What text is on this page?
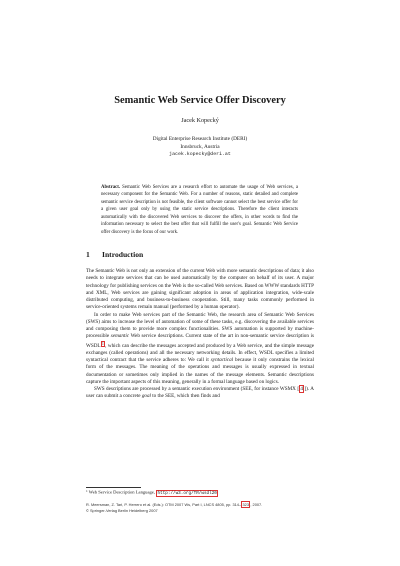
Semantic Web Service Offer Discovery
Jacek Kopecký
Digital Enterprise Research Institute (DERI)
Innsbruck, Austria
jacek.kopecky@deri.at
Abstract. Semantic Web Services are a research effort to automate the usage of Web services, a necessary component for the Semantic Web. For a number of reasons, static detailed and complete semantic service description is not feasible, the client software cannot select the best service offer for a given user goal only by using the static service descriptions. Therefore the client interacts automatically with the discovered Web services to discover the offers, in other words to find the information necessary to select the best offer that will fulfill the user's goal. Semantic Web Service offer discovery is the focus of our work.
1 Introduction

The Semantic Web is not only an extension of the current Web with more semantic descriptions of data; it also needs to integrate services that can be used automatically by the computer on behalf of its user. A major technology for publishing services on the Web is the so-called Web services. Based on WWW standards HTTP and XML, Web services are gaining significant adoption in areas of application integration, wide-scale distributed computing, and business-to-business cooperation. Still, many tasks commonly performed in service-oriented systems remain manual (performed by a human operator).

In order to make Web services part of the Semantic Web, the research area of Semantic Web Services (SWS) aims to increase the level of automation of some of these tasks, e.g. discovering the available services and composing them to provide more complex functionalities. SWS automation is supported by machine-processible semantic Web service descriptions. Current state of the art in non-semantic service description is WSDL$^1$, which can describe the messages accepted and produced by a Web service, and the simple message exchanges (called operations) and all the necessary networking details. In effect, WSDL specifies a limited syntactical contract that the service adheres to: We call it syntactical because it only constrains the lexical form of the messages. The meaning of the operations and messages is usually expressed in textual documentation or sometimes only implied in the names of the message elements. Semantic descriptions capture the important aspects of this meaning, generally in a formal language based on logics.

SWS descriptions are processed by a semantic execution environment (SEE, for instance WSMX [4]). A user can submit a concrete goal to the SEE, which then finds and

$^1$ Web Service Description Language, http://w3.org/TR/wsdl20
R. Meersman, Z. Tari, P. Herrero et al. (Eds.): OTM 2007 Ws, Part I, LNCS 4805, pp. 314–323, 2007.
© Springer-Verlag Berlin Heidelberg 2007
